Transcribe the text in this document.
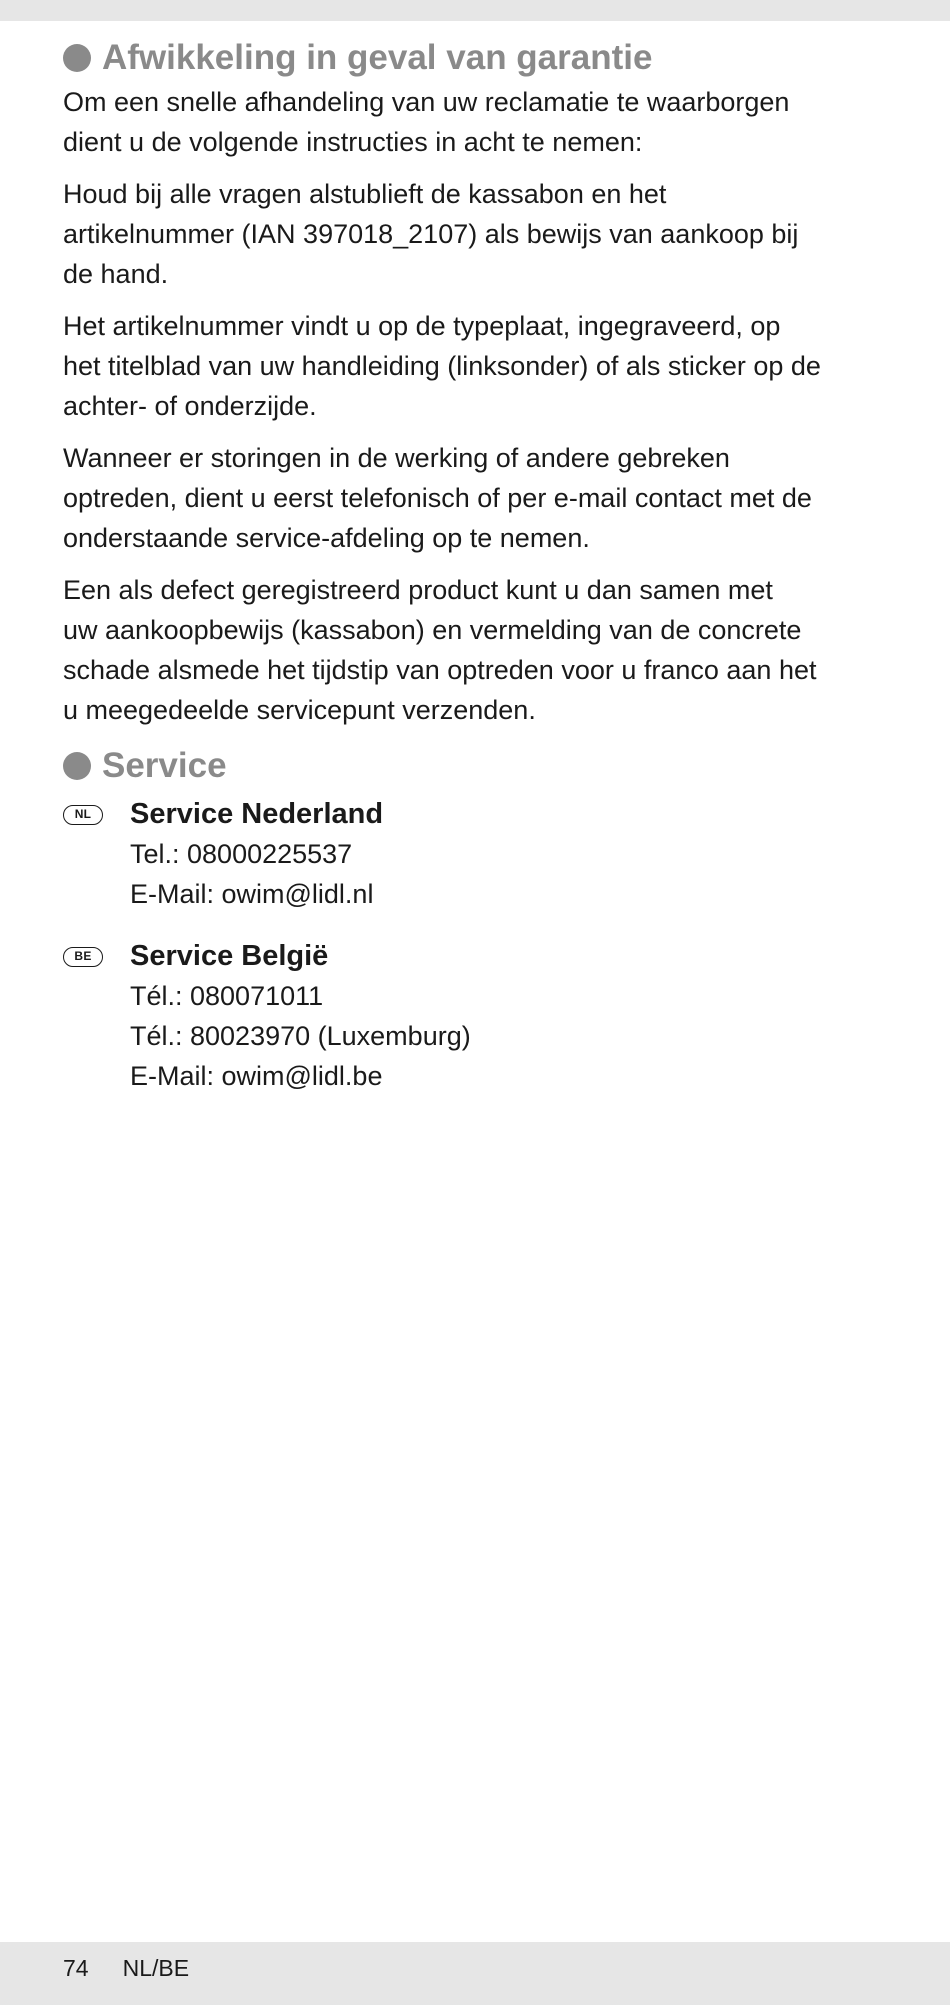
Afwikkeling in geval van garantie

Om een snelle afhandeling van uw reclamatie te waarborgen
dient u de volgende instructies in acht te nemen:

Houd bij alle vragen alstublieft de kassabon en het
artikelnummer (IAN 397018_2107) als bewijs van aankoop bij
de hand.

Het artikelnummer vindt u op de typeplaat, ingegraveerd, op
het titelblad van uw handleiding (linksonder) of als sticker op de
achter- of onderzijde.

Wanneer er storingen in de werking of andere gebreken
optreden, dient u eerst telefonisch of per e-mail contact met de
onderstaande service-afdeling op te nemen.

Een als defect geregistreerd product kunt u dan samen met
uw aankoopbewijs (kassabon) en vermelding van de concrete
schade alsmede het tijdstip van optreden voor u franco aan het
u meegedeelde servicepunt verzenden.

Service
NL	Service Nederland
Tel.: 08000225537
E-Mail: owim@lidl.nl
BE	Service België
Tél.: 080071011
Tél.: 80023970 (Luxemburg)
E-Mail: owim@lidl.be
74 NL/BE
